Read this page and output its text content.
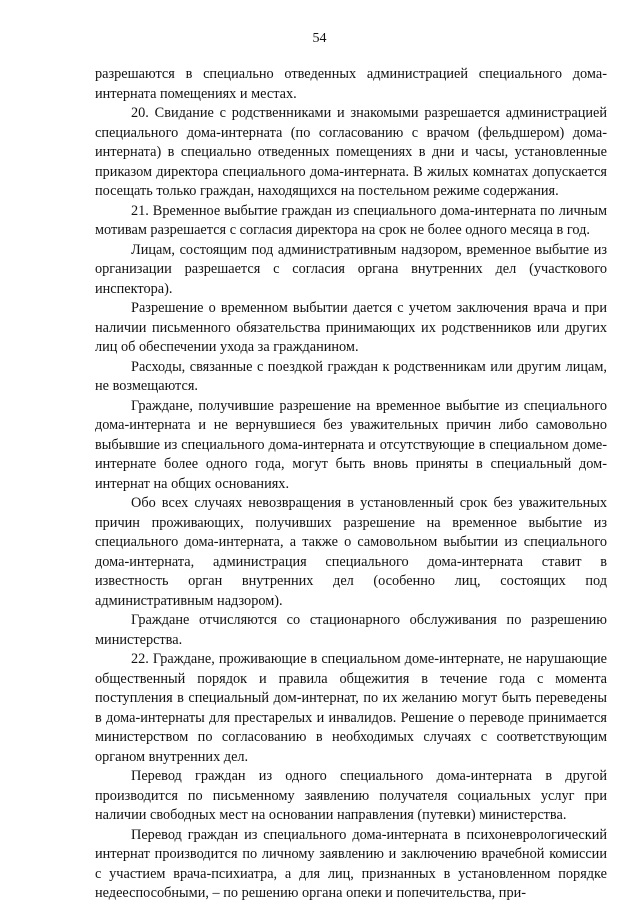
54

разрешаются в специально отведенных администрацией специального дома-интерната помещениях и местах.

20. Свидание с родственниками и знакомыми разрешается администрацией специального дома-интерната (по согласованию с врачом (фельдшером) дома-интерната) в специально отведенных помещениях в дни и часы, установленные приказом директора специального дома-интерната. В жилых комнатах допускается посещать только граждан, находящихся на постельном режиме содержания.

21. Временное выбытие граждан из специального дома-интерната по личным мотивам разрешается с согласия директора на срок не более одного месяца в год.

Лицам, состоящим под административным надзором, временное выбытие из организации разрешается с согласия органа внутренних дел (участкового инспектора).

Разрешение о временном выбытии дается с учетом заключения врача и при наличии письменного обязательства принимающих их родственников или других лиц об обеспечении ухода за гражданином.

Расходы, связанные с поездкой граждан к родственникам или другим лицам, не возмещаются.

Граждане, получившие разрешение на временное выбытие из специального дома-интерната и не вернувшиеся без уважительных причин либо самовольно выбывшие из специального дома-интерната и отсутствующие в специальном доме-интернате более одного года, могут быть вновь приняты в специальный дом-интернат на общих основаниях.

Обо всех случаях невозвращения в установленный срок без уважительных причин проживающих, получивших разрешение на временное выбытие из специального дома-интерната, а также о самовольном выбытии из специального дома-интерната, администрация специального дома-интерната ставит в известность орган внутренних дел (особенно лиц, состоящих под административным надзором).

Граждане отчисляются со стационарного обслуживания по разрешению министерства.

22. Граждане, проживающие в специальном доме-интернате, не нарушающие общественный порядок и правила общежития в течение года с момента поступления в специальный дом-интернат, по их желанию могут быть переведены в дома-интернаты для престарелых и инвалидов. Решение о переводе принимается министерством по согласованию в необходимых случаях с соответствующим органом внутренних дел.

Перевод граждан из одного специального дома-интерната в другой производится по письменному заявлению получателя социальных услуг при наличии свободных мест на основании направления (путевки) министерства.

Перевод граждан из специального дома-интерната в психоневрологический интернат производится по личному заявлению и заключению врачебной комиссии с участием врача-психиатра, а для лиц, признанных в установленном порядке недееспособными, – по решению органа опеки и попечительства, при-
